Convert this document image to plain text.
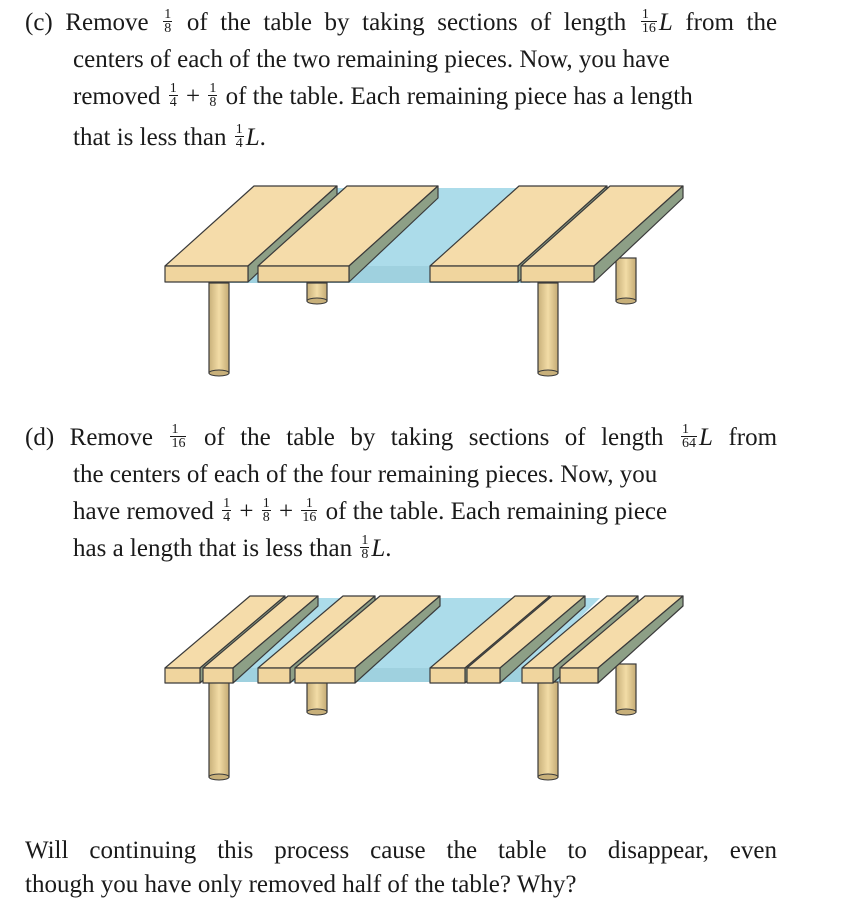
(c) Remove $\frac{1}{8}$ of the table by taking sections of length $\frac{1}{16}$ L from the
centers of each of the two remaining pieces. Now, you have
removed $\frac{1}{4} + \frac{1}{8}$ of the table. Each remaining piece has a length
that is less than $\frac{1}{4} L$.
(d) Remove $\frac{1}{16}$ of the table by taking sections of length $\frac{1}{64}$ L from
the centers of each of the four remaining pieces. Now, you
have removed $\frac{1}{4} + \frac{1}{8} + \frac{1}{16}$ of the table. Each remaining piece
has a length that is less than $\frac{1}{8} L$.
Will continuing this process cause the table to disappear, even
though you have only removed half of the table? Why?
